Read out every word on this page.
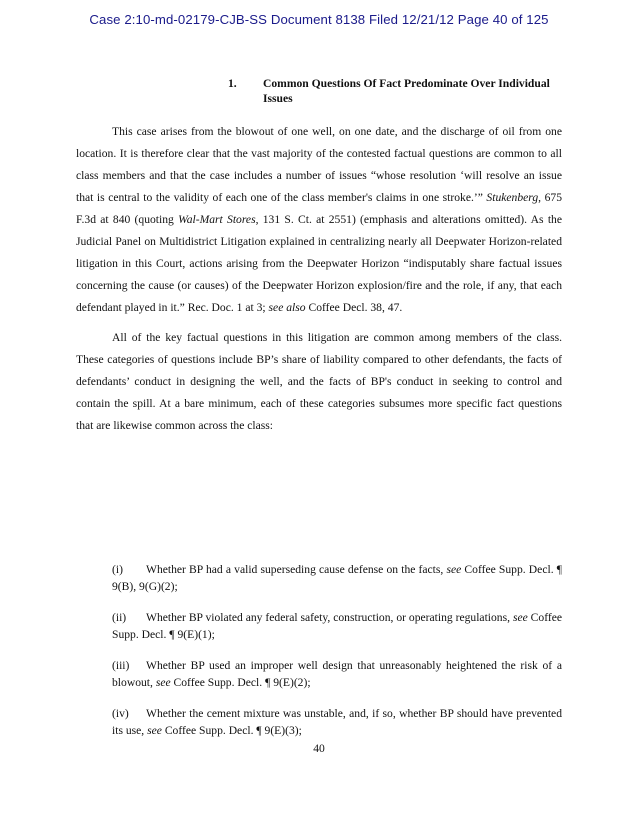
Case 2:10-md-02179-CJB-SS Document 8138 Filed 12/21/12 Page 40 of 125
1. Common Questions Of Fact Predominate Over Individual Issues

This case arises from the blowout of one well, on one date, and the discharge of oil from one location. It is therefore clear that the vast majority of the contested factual questions are common to all class members and that the case includes a number of issues “whose resolution ‘will resolve an issue that is central to the validity of each one of the class member's claims in one stroke.’” Stukenberg, 675 F.3d at 840 (quoting Wal-Mart Stores, 131 S. Ct. at 2551) (emphasis and alterations omitted). As the Judicial Panel on Multidistrict Litigation explained in centralizing nearly all Deepwater Horizon-related litigation in this Court, actions arising from the Deepwater Horizon “indisputably share factual issues concerning the cause (or causes) of the Deepwater Horizon explosion/fire and the role, if any, that each defendant played in it.” Rec. Doc. 1 at 3; see also Coffee Decl. 38, 47.

All of the key factual questions in this litigation are common among members of the class. These categories of questions include BP’s share of liability compared to other defendants, the facts of defendants’ conduct in designing the well, and the facts of BP's conduct in seeking to control and contain the spill. At a bare minimum, each of these categories subsumes more specific fact questions that are likewise common across the class:

(i) Whether BP had a valid superseding cause defense on the facts, see Coffee Supp. Decl. ¶ 9(B), 9(G)(2);
(ii) Whether BP violated any federal safety, construction, or operating regulations, see Coffee Supp. Decl. ¶ 9(E)(1);
(iii) Whether BP used an improper well design that unreasonably heightened the risk of a blowout, see Coffee Supp. Decl. ¶ 9(E)(2);
(iv) Whether the cement mixture was unstable, and, if so, whether BP should have prevented its use, see Coffee Supp. Decl. ¶ 9(E)(3);
40
